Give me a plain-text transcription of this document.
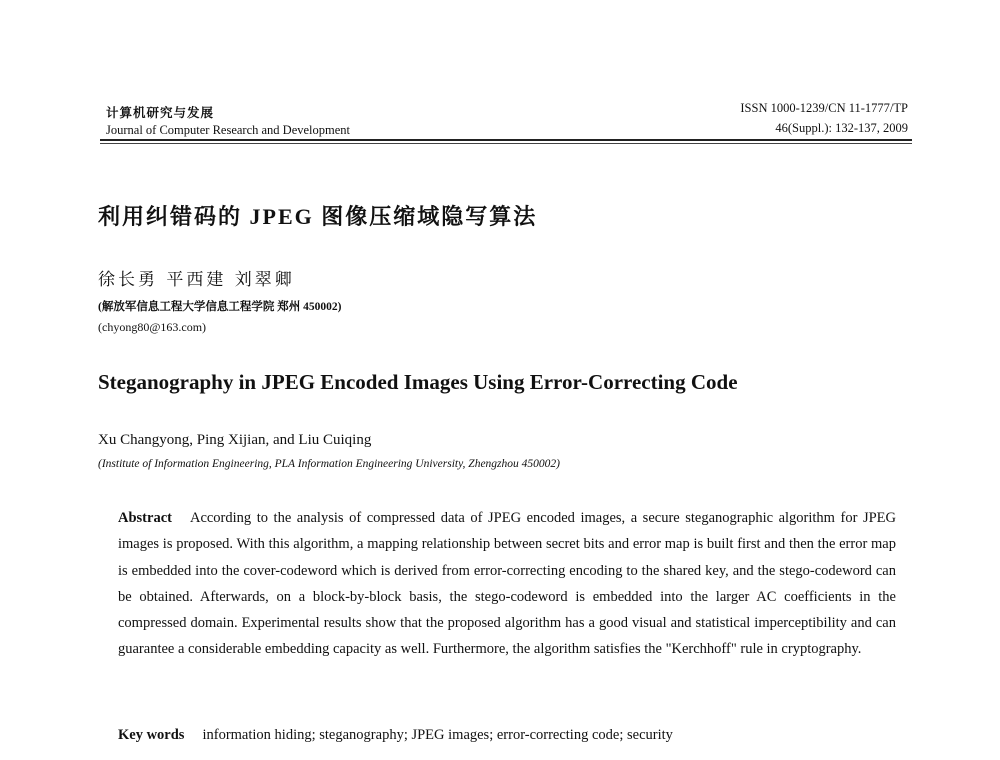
计算机研究与发展
Journal of Computer Research and Development
ISSN 1000-1239/CN 11-1777/TP
46(Suppl.): 132-137, 2009
利用纠错码的 JPEG 图像压缩域隐写算法
徐长勇 平西建 刘翠卿
(解放军信息工程大学信息工程学院 郑州 450002)
(chyong80@163.com)
Steganography in JPEG Encoded Images Using Error-Correcting Code
Xu Changyong, Ping Xijian, and Liu Cuiqing
(Institute of Information Engineering, PLA Information Engineering University, Zhengzhou 450002)
Abstract According to the analysis of compressed data of JPEG encoded images, a secure steganographic algorithm for JPEG images is proposed. With this algorithm, a mapping relationship between secret bits and error map is built first and then the error map is embedded into the cover-codeword which is derived from error-correcting encoding to the shared key, and the stego-codeword can be obtained. Afterwards, on a block-by-block basis, the stego-codeword is embedded into the larger AC coefficients in the compressed domain. Experimental results show that the proposed algorithm has a good visual and statistical imperceptibility and can guarantee a considerable embedding capacity as well. Furthermore, the algorithm satisfies the "Kerchhoff" rule in cryptography.
Key words information hiding; steganography; JPEG images; error-correcting code; security
